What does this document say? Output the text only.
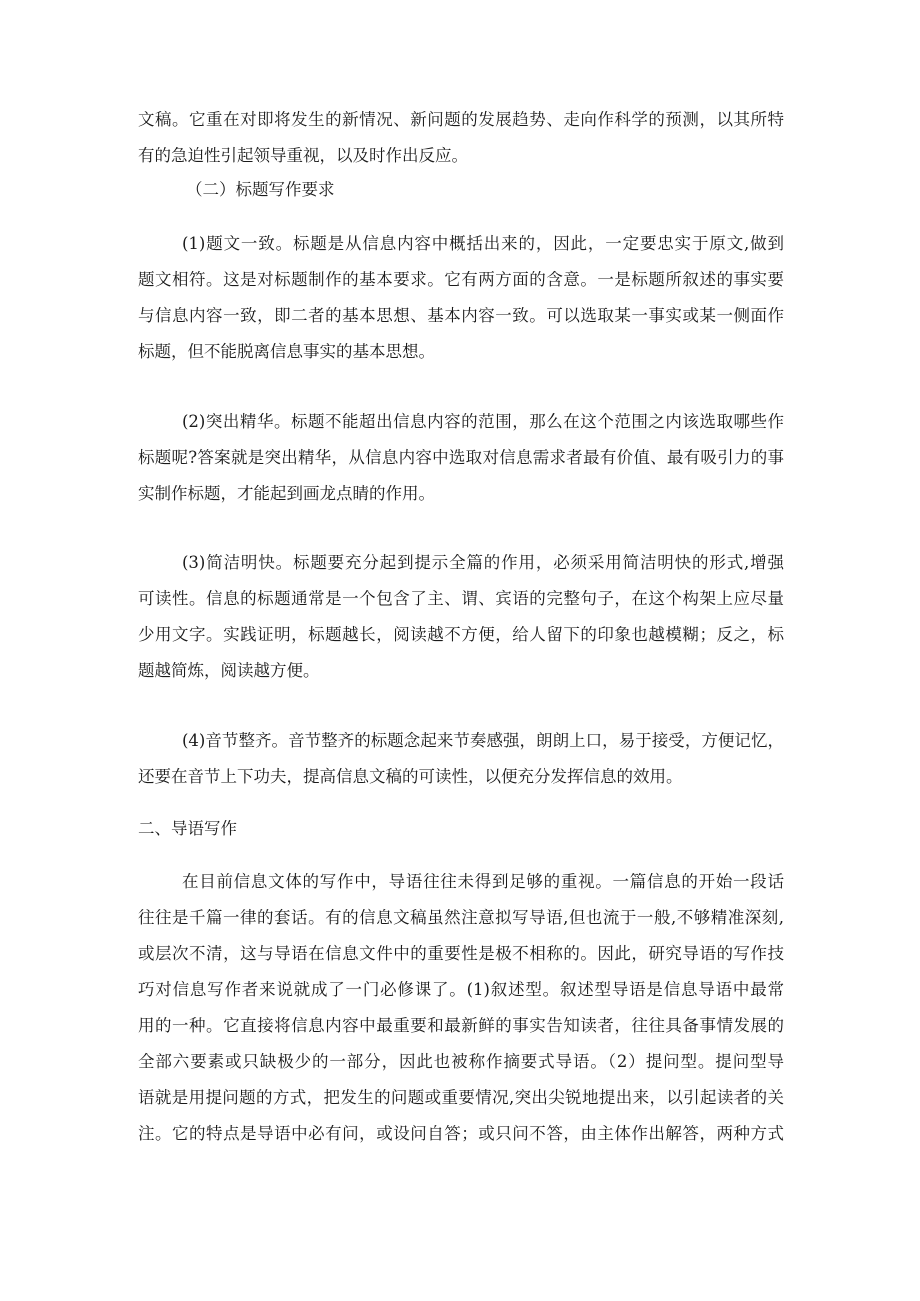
文稿。它重在对即将发生的新情况、新问题的发展趋势、走向作科学的预测，以其所特

有的急迫性引起领导重视，以及时作出反应。

（二）标题写作要求

(1)题文一致。标题是从信息内容中概括出来的，因此，一定要忠实于原文,做到

题文相符。这是对标题制作的基本要求。它有两方面的含意。一是标题所叙述的事实要

与信息内容一致，即二者的基本思想、基本内容一致。可以选取某一事实或某一侧面作

标题，但不能脱离信息事实的基本思想。

(2)突出精华。标题不能超出信息内容的范围，那么在这个范围之内该选取哪些作

标题呢?答案就是突出精华，从信息内容中选取对信息需求者最有价值、最有吸引力的事

实制作标题，才能起到画龙点睛的作用。

(3)简洁明快。标题要充分起到提示全篇的作用，必须采用简洁明快的形式,增强

可读性。信息的标题通常是一个包含了主、谓、宾语的完整句子，在这个构架上应尽量

少用文字。实践证明，标题越长，阅读越不方便，给人留下的印象也越模糊；反之，标

题越简炼，阅读越方便。

(4)音节整齐。音节整齐的标题念起来节奏感强，朗朗上口，易于接受，方便记忆，

还要在音节上下功夫，提高信息文稿的可读性，以便充分发挥信息的效用。

二、导语写作

在目前信息文体的写作中，导语往往未得到足够的重视。一篇信息的开始一段话

往往是千篇一律的套话。有的信息文稿虽然注意拟写导语,但也流于一般,不够精准深刻,

或层次不清，这与导语在信息文件中的重要性是极不相称的。因此，研究导语的写作技

巧对信息写作者来说就成了一门必修课了。(1)叙述型。叙述型导语是信息导语中最常

用的一种。它直接将信息内容中最重要和最新鲜的事实告知读者，往往具备事情发展的

全部六要素或只缺极少的一部分，因此也被称作摘要式导语。（2）提问型。提问型导

语就是用提问题的方式，把发生的问题或重要情况,突出尖锐地提出来，以引起读者的关

注。它的特点是导语中必有问，或设问自答；或只问不答，由主体作出解答，两种方式
